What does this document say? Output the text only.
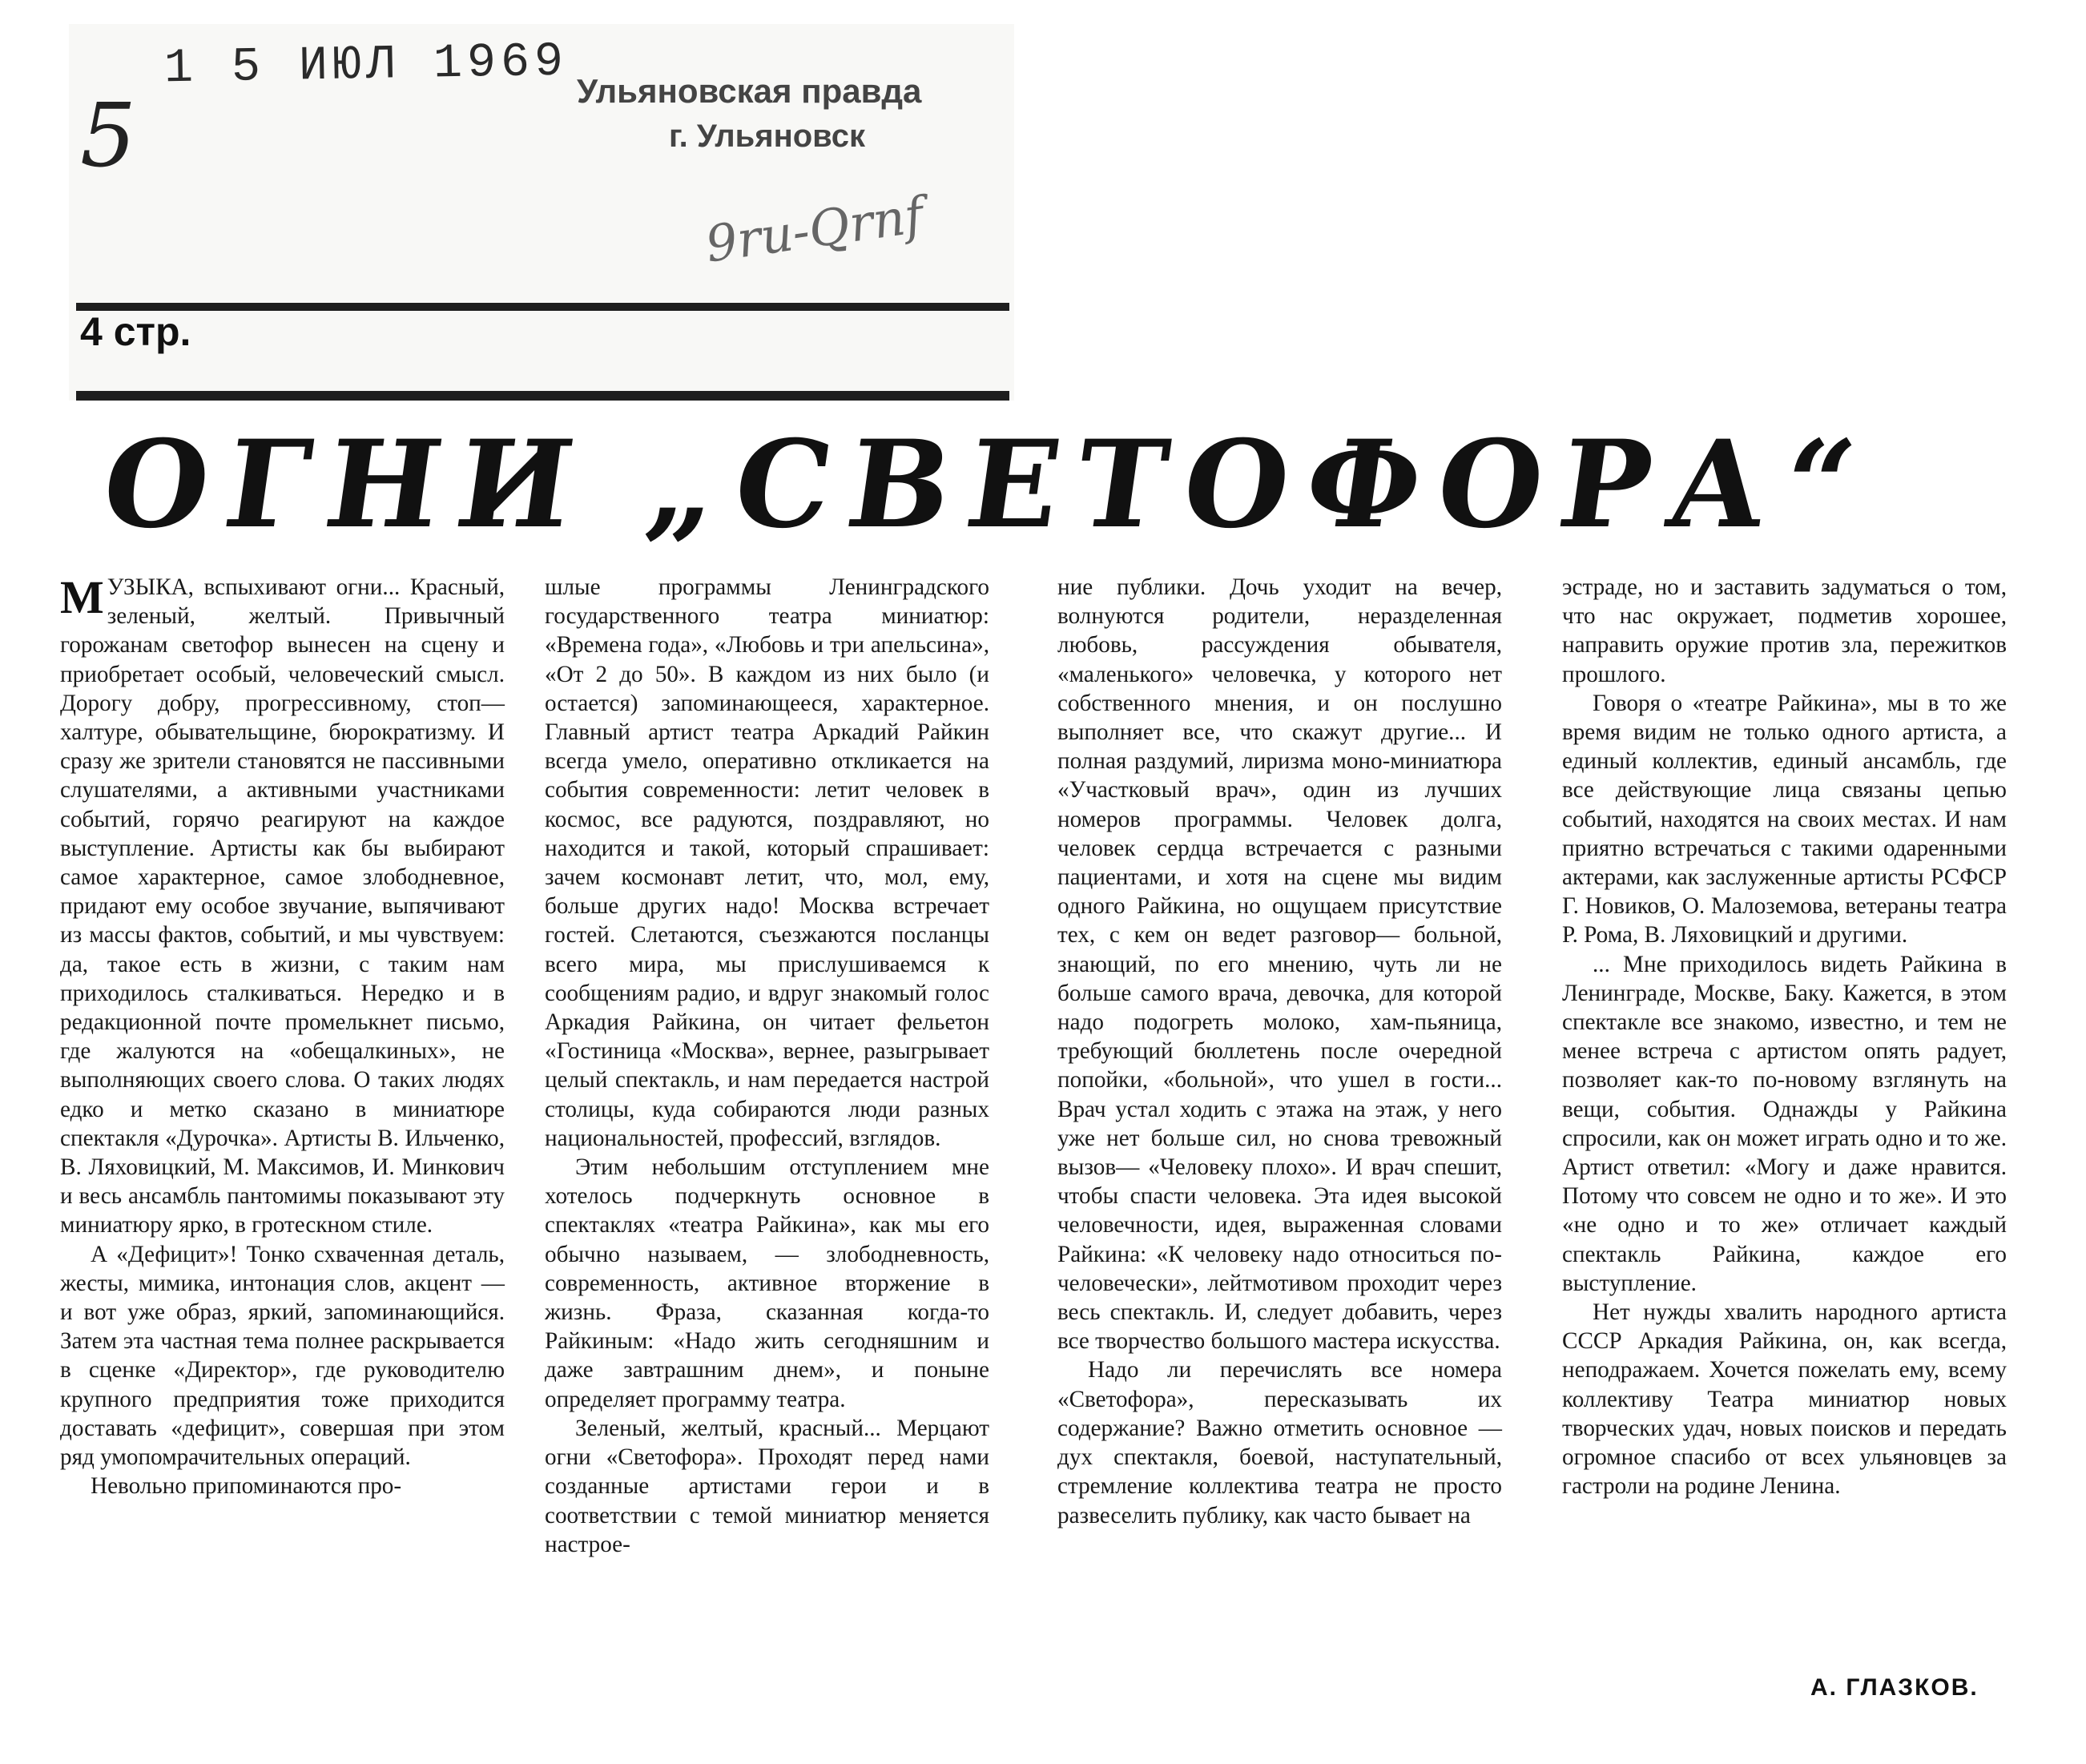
1 5 ИЮЛ 1969
5	Ульяновская правда
г. Ульяновск
9ru-Qrnf
4 стр.
ОГНИ „СВЕТОФОРА“

МУЗЫКА, вспыхивают огни... Красный, зеленый, желтый. Привычный горожанам светофор вынесен на сцену и приобретает особый, человеческий смысл. Дорогу добру, прогрессивному, стоп—халтуре, обывательщине, бюрократизму. И сразу же зрители становятся не пассивными слушателями, а активными участниками событий, горячо реагируют на каждое выступление. Артисты как бы выбирают самое характерное, самое злободневное, придают ему особое звучание, выпячивают из массы фактов, событий, и мы чувствуем: да, такое есть в жизни, с таким нам приходилось сталкиваться. Нередко и в редакционной почте промелькнет письмо, где жалуются на «обещалкиных», не выполняющих своего слова. О таких людях едко и метко сказано в миниатюре спектакля «Дурочка». Артисты В. Ильченко, В. Ляховицкий, М. Максимов, И. Минкович и весь ансамбль пантомимы показывают эту миниатюру ярко, в гротескном стиле.

А «Дефицит»! Тонко схваченная деталь, жесты, мимика, интонация слов, акцент — и вот уже образ, яркий, запоминающийся. Затем эта частная тема полнее раскрывается в сценке «Директор», где руководителю крупного предприятия тоже приходится доставать «дефицит», совершая при этом ряд умопомрачительных операций.

Невольно припоминаются про-

шлые программы Ленинградского государственного театра миниатюр: «Времена года», «Любовь и три апельсина», «От 2 до 50». В каждом из них было (и остается) запоминающееся, характерное. Главный артист театра Аркадий Райкин всегда умело, оперативно откликается на события современности: летит человек в космос, все радуются, поздравляют, но находится и такой, который спрашивает: зачем космонавт летит, что, мол, ему, больше других надо! Москва встречает гостей. Слетаются, съезжаются посланцы всего мира, мы прислушиваемся к сообщениям радио, и вдруг знакомый голос Аркадия Райкина, он читает фельетон «Гостиница «Москва», вернее, разыгрывает целый спектакль, и нам передается настрой столицы, куда собираются люди разных национальностей, профессий, взглядов.

Этим небольшим отступлением мне хотелось подчеркнуть основное в спектаклях «театра Райкина», как мы его обычно называем, — злободневность, современность, активное вторжение в жизнь. Фраза, сказанная когда-то Райкиным: «Надо жить сегодняшним и даже завтрашним днем», и поныне определяет программу театра.

Зеленый, желтый, красный... Мерцают огни «Светофора». Проходят перед нами созданные артистами герои и в соответствии с темой миниатюр меняется настрое-

ние публики. Дочь уходит на вечер, волнуются родители, неразделенная любовь, рассуждения обывателя, «маленького» человечка, у которого нет собственного мнения, и он послушно выполняет все, что скажут другие... И полная раздумий, лиризма моно-миниатюра «Участковый врач», один из лучших номеров программы. Человек долга, человек сердца встречается с разными пациентами, и хотя на сцене мы видим одного Райкина, но ощущаем присутствие тех, с кем он ведет разговор— больной, знающий, по его мнению, чуть ли не больше самого врача, девочка, для которой надо подогреть молоко, хам-пьяница, требующий бюллетень после очередной попойки, «больной», что ушел в гости... Врач устал ходить с этажа на этаж, у него уже нет больше сил, но снова тревожный вызов— «Человеку плохо». И врач спешит, чтобы спасти человека. Эта идея высокой человечности, идея, выраженная словами Райкина: «К человеку надо относиться по-человечески», лейтмотивом проходит через весь спектакль. И, следует добавить, через все творчество большого мастера искусства.

Надо ли перечислять все номера «Светофора», пересказывать их содержание? Важно отметить основное — дух спектакля, боевой, наступательный, стремление коллектива театра не просто развеселить публику, как часто бывает на

эстраде, но и заставить задуматься о том, что нас окружает, подметив хорошее, направить оружие против зла, пережитков прошлого.

Говоря о «театре Райкина», мы в то же время видим не только одного артиста, а единый коллектив, единый ансамбль, где все действующие лица связаны цепью событий, находятся на своих местах. И нам приятно встречаться с такими одаренными актерами, как заслуженные артисты РСФСР Г. Новиков, О. Малоземова, ветераны театра Р. Рома, В. Ляховицкий и другими.

... Мне приходилось видеть Райкина в Ленинграде, Москве, Баку. Кажется, в этом спектакле все знакомо, известно, и тем не менее встреча с артистом опять радует, позволяет как-то по-новому взглянуть на вещи, события. Однажды у Райкина спросили, как он может играть одно и то же. Артист ответил: «Могу и даже нравится. Потому что совсем не одно и то же». И это «не одно и то же» отличает каждый спектакль Райкина, каждое его выступление.

Нет нужды хвалить народного артиста СССР Аркадия Райкина, он, как всегда, неподражаем. Хочется пожелать ему, всему коллективу Театра миниатюр новых творческих удач, новых поисков и передать огромное спасибо от всех ульяновцев за гастроли на родине Ленина.

А. ГЛАЗКОВ.
